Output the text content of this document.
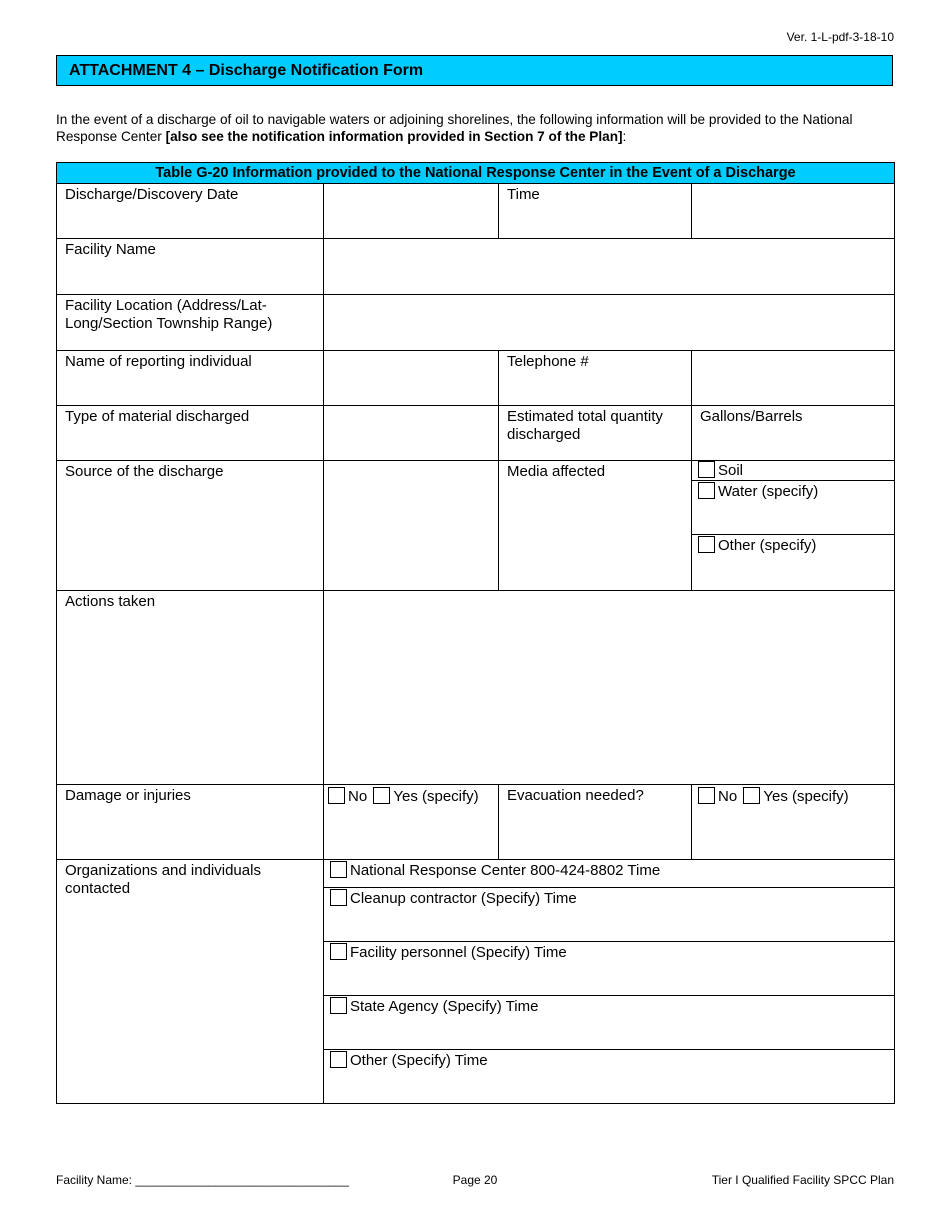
Ver. 1-L-pdf-3-18-10
ATTACHMENT 4 – Discharge Notification Form
In the event of a discharge of oil to navigable waters or adjoining shorelines, the following information will be provided to the National Response Center [also see the notification information provided in Section 7 of the Plan]:
Table G-20 Information provided to the National Response Center in the Event of a Discharge			
Discharge/Discovery Date		Time	
Facility Name			
Facility Location (Address/Lat-Long/Section Township Range)			
Name of reporting individual		Telephone #	
Type of material discharged		Estimated total quantity discharged	Gallons/Barrels
Source of the discharge		Media affected	Soil
Water (specify)
Other (specify)

Actions taken			
Damage or injuries	No Yes (specify)	Evacuation needed?	No Yes (specify)
Organizations and individuals contacted	National Response Center 800-424-8802 Time
Cleanup contractor (Specify) Time
Facility personnel (Specify) Time
State Agency (Specify) Time
Other (Specify) Time		
Facility Name: ________________________________	Page 20	Tier I Qualified Facility SPCC Plan
